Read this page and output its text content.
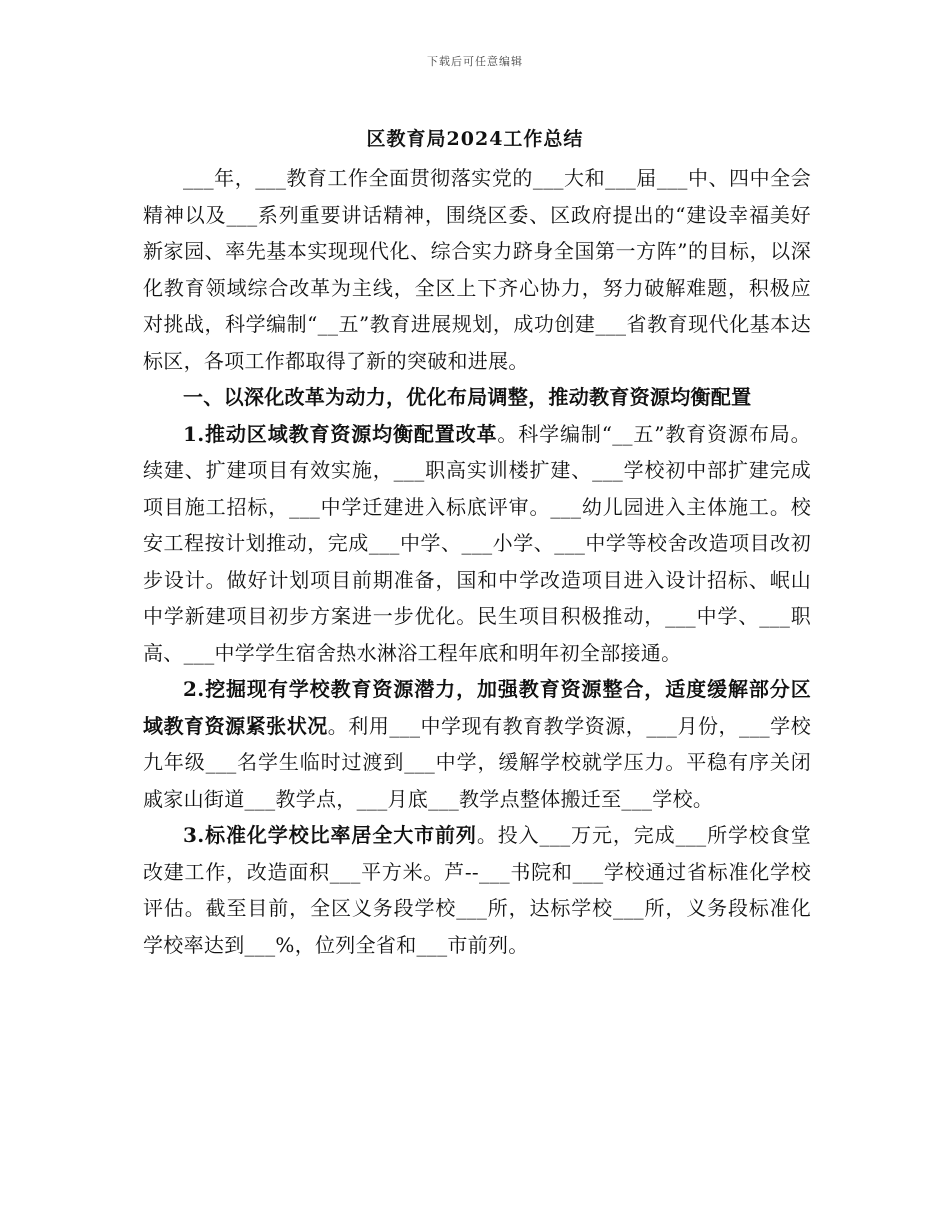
下载后可任意编辑
区教育局2024工作总结

___年，___教育工作全面贯彻落实党的___大和___届___中、四中全会精神以及___系列重要讲话精神，围绕区委、区政府提出的“建设幸福美好新家园、率先基本实现现代化、综合实力跻身全国第一方阵”的目标，以深化教育领域综合改革为主线，全区上下齐心协力，努力破解难题，积极应对挑战，科学编制“__五”教育进展规划，成功创建___省教育现代化基本达标区，各项工作都取得了新的突破和进展。

一、以深化改革为动力，优化布局调整，推动教育资源均衡配置

1.推动区域教育资源均衡配置改革。科学编制“__五”教育资源布局。续建、扩建项目有效实施，___职高实训楼扩建、___学校初中部扩建完成项目施工招标，___中学迁建进入标底评审。___幼儿园进入主体施工。校安工程按计划推动，完成___中学、___小学、___中学等校舍改造项目改初步设计。做好计划项目前期准备，国和中学改造项目进入设计招标、岷山中学新建项目初步方案进一步优化。民生项目积极推动，___中学、___职高、___中学学生宿舍热水淋浴工程年底和明年初全部接通。

2.挖掘现有学校教育资源潜力，加强教育资源整合，适度缓解部分区域教育资源紧张状况。利用___中学现有教育教学资源，___月份，___学校九年级___名学生临时过渡到___中学，缓解学校就学压力。平稳有序关闭戚家山街道___教学点，___月底___教学点整体搬迁至___学校。

3.标准化学校比率居全大市前列。投入___万元，完成___所学校食堂改建工作，改造面积___平方米。芦--___书院和___学校通过省标准化学校评估。截至目前，全区义务段学校___所，达标学校___所，义务段标准化学校率达到___%，位列全省和___市前列。
